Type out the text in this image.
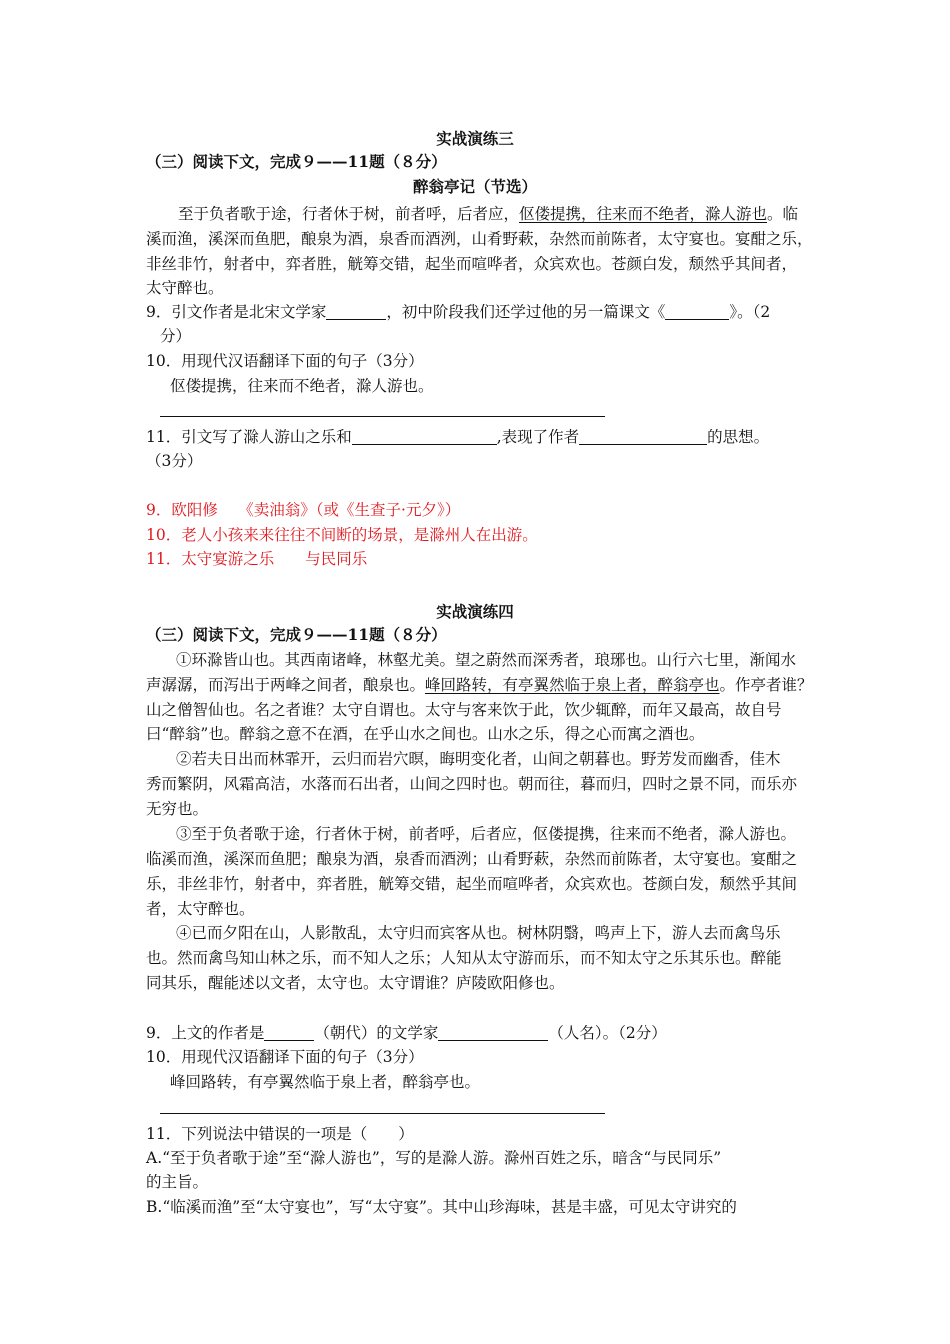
实战演练三
（三）阅读下文，完成９——11题（８分）
醉翁亭记（节选）
至于负者歌于途，行者休于树，前者呼，后者应，伛偻提携，往来而不绝者，滁人游也。临
溪而渔，溪深而鱼肥，酿泉为酒，泉香而酒洌，山肴野蔌，杂然而前陈者，太守宴也。宴酣之乐，
非丝非竹，射者中，弈者胜，觥筹交错，起坐而喧哗者，众宾欢也。苍颜白发，颓然乎其间者，
太守醉也。
9．引文作者是北宋文学家	，初中阶段我们还学过他的另一篇课文《	》。（2
分）
10．用现代汉语翻译下面的句子（3分）
伛偻提携，往来而不绝者，滁人游也。
11．引文写了滁人游山之乐和	,表现了作者	的思想。
（3分）
9．欧阳修　 《卖油翁》（或《生查子·元夕》）
10．老人小孩来来往往不间断的场景，是滁州人在出游。
11．太守宴游之乐　　与民同乐
实战演练四
（三）阅读下文，完成９——11题（８分）
①环滁皆山也。其西南诸峰，林壑尤美。望之蔚然而深秀者，琅琊也。山行六七里，渐闻水
声潺潺，而泻出于两峰之间者，酿泉也。峰回路转，有亭翼然临于泉上者，醉翁亭也。作亭者谁？
山之僧智仙也。名之者谁？太守自谓也。太守与客来饮于此，饮少辄醉，而年又最高，故自号
曰“醉翁”也。醉翁之意不在酒，在乎山水之间也。山水之乐，得之心而寓之酒也。
②若夫日出而林霏开，云归而岩穴暝，晦明变化者，山间之朝暮也。野芳发而幽香，佳木
秀而繁阴，风霜高洁，水落而石出者，山间之四时也。朝而往，暮而归，四时之景不同，而乐亦
无穷也。
③至于负者歌于途，行者休于树，前者呼，后者应，伛偻提携，往来而不绝者，滁人游也。
临溪而渔，溪深而鱼肥；酿泉为酒，泉香而酒洌；山肴野蔌，杂然而前陈者，太守宴也。宴酣之
乐，非丝非竹，射者中，弈者胜，觥筹交错，起坐而喧哗者，众宾欢也。苍颜白发，颓然乎其间
者，太守醉也。
④已而夕阳在山，人影散乱，太守归而宾客从也。树林阴翳，鸣声上下，游人去而禽鸟乐
也。然而禽鸟知山林之乐，而不知人之乐；人知从太守游而乐，而不知太守之乐其乐也。醉能
同其乐，醒能述以文者，太守也。太守谓谁？庐陵欧阳修也。
9．上文的作者是	（朝代）的文学家	（人名）。（2分）
10．用现代汉语翻译下面的句子（3分）
峰回路转，有亭翼然临于泉上者，醉翁亭也。
11．下列说法中错误的一项是（　　）
A.“至于负者歌于途”至“滁人游也”，写的是滁人游。滁州百姓之乐，暗含“与民同乐”
的主旨。
B.“临溪而渔”至“太守宴也”，写“太守宴”。其中山珍海味，甚是丰盛，可见太守讲究的
